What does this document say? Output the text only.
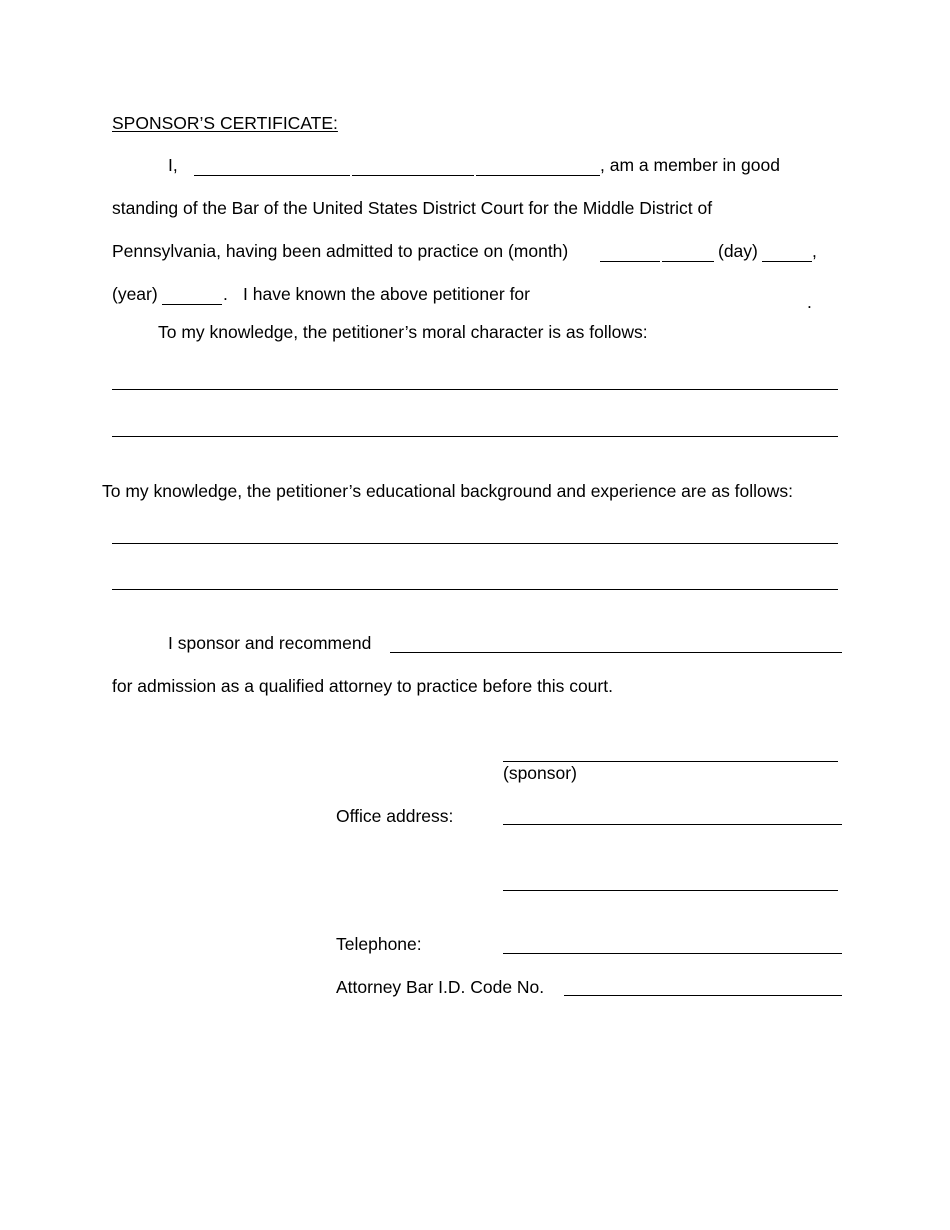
SPONSOR’S CERTIFICATE:
I,	, am a member in good
standing of the Bar of the United States District Court for the Middle District of
Pennsylvania, having been admitted to practice on (month)	(day)	,
(year)	. I have known the above petitioner for	.
To my knowledge, the petitioner’s moral character is as follows:
To my knowledge, the petitioner’s educational background and experience are as follows:
I sponsor and recommend
for admission as a qualified attorney to practice before this court.
(sponsor)
Office address:
Telephone:
Attorney Bar I.D. Code No.
